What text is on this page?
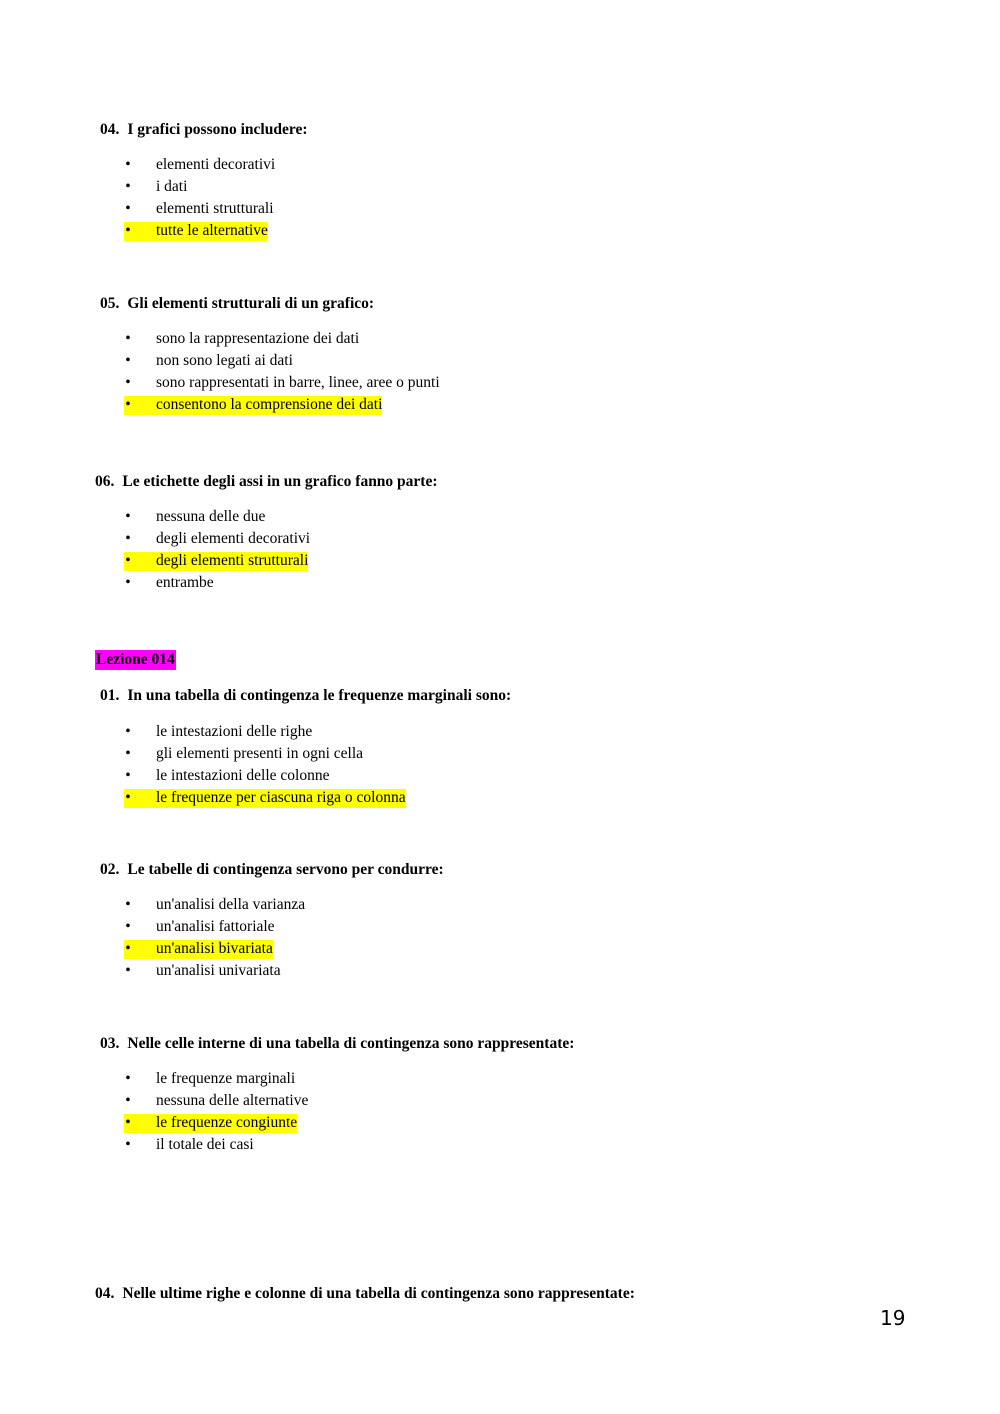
04. I grafici possono includere:
• elementi decorativi
• i dati
• elementi strutturali
• tutte le alternative
05. Gli elementi strutturali di un grafico:
• sono la rappresentazione dei dati
• non sono legati ai dati
• sono rappresentati in barre, linee, aree o punti
• consentono la comprensione dei dati
06. Le etichette degli assi in un grafico fanno parte:
• nessuna delle due
• degli elementi decorativi
• degli elementi strutturali
• entrambe
Lezione 014
01. In una tabella di contingenza le frequenze marginali sono:
• le intestazioni delle righe
• gli elementi presenti in ogni cella
• le intestazioni delle colonne
• le frequenze per ciascuna riga o colonna
02. Le tabelle di contingenza servono per condurre:
• un'analisi della varianza
• un'analisi fattoriale
• un'analisi bivariata
• un'analisi univariata
03. Nelle celle interne di una tabella di contingenza sono rappresentate:
• le frequenze marginali
• nessuna delle alternative
• le frequenze congiunte
• il totale dei casi
04. Nelle ultime righe e colonne di una tabella di contingenza sono rappresentate:
19
